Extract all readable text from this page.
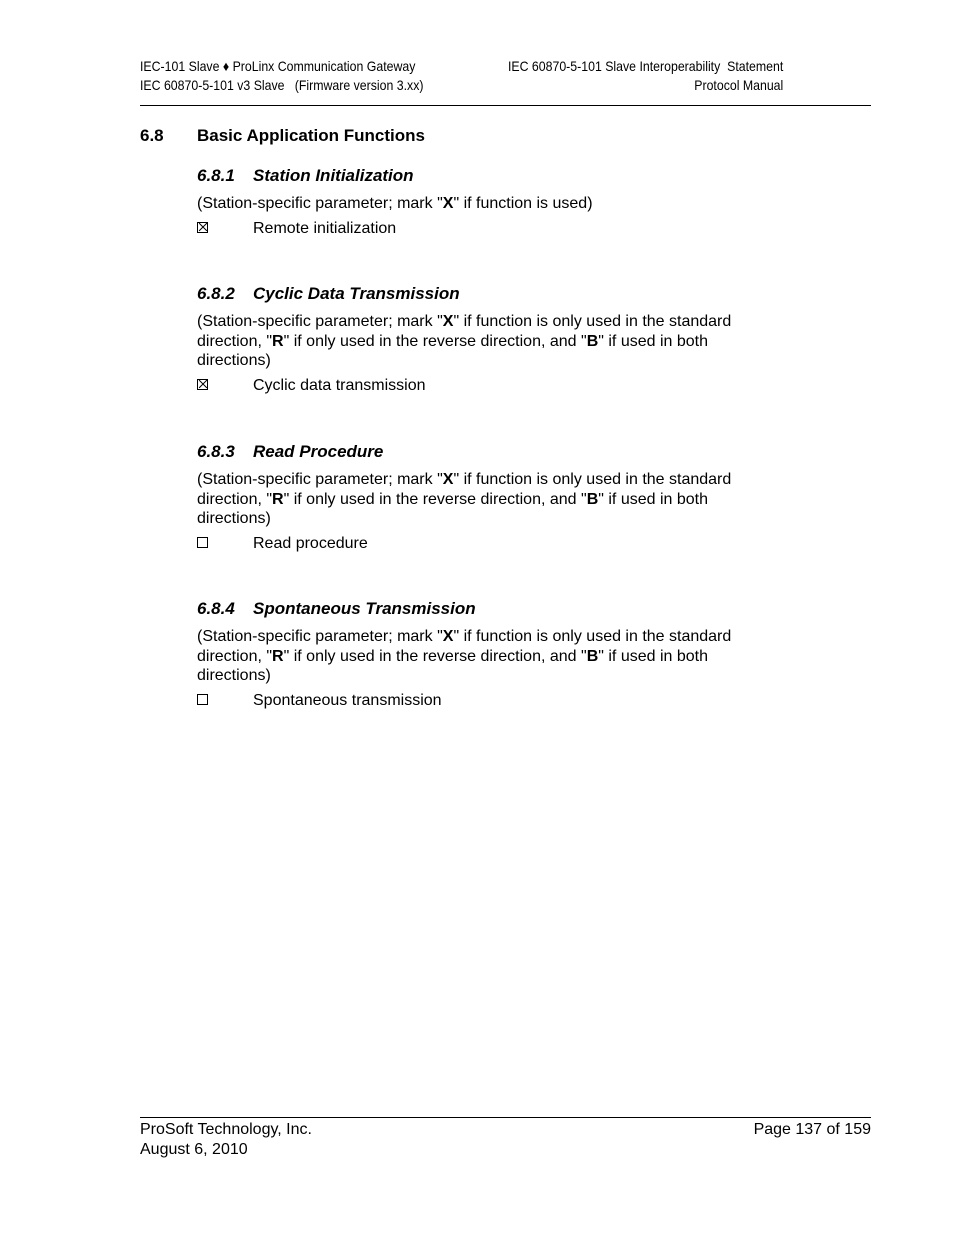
IEC-101 Slave ♦ ProLinx Communication Gateway
IEC 60870-5-101 v3 Slave   (Firmware version 3.xx)
IEC 60870-5-101 Slave Interoperability  Statement
Protocol Manual
6.8 Basic Application Functions
6.8.1 Station Initialization

(Station-specific parameter; mark "X" if function is used)

Remote initialization
6.8.2 Cyclic Data Transmission

(Station-specific parameter; mark "X" if function is only used in the standard direction, "R" if only used in the reverse direction, and "B" if used in both directions)

Cyclic data transmission
6.8.3 Read Procedure

(Station-specific parameter; mark "X" if function is only used in the standard direction, "R" if only used in the reverse direction, and "B" if used in both directions)

Read procedure
6.8.4 Spontaneous Transmission

(Station-specific parameter; mark "X" if function is only used in the standard direction, "R" if only used in the reverse direction, and "B" if used in both directions)

Spontaneous transmission
ProSoft Technology, Inc.
August 6, 2010
Page 137 of 159
